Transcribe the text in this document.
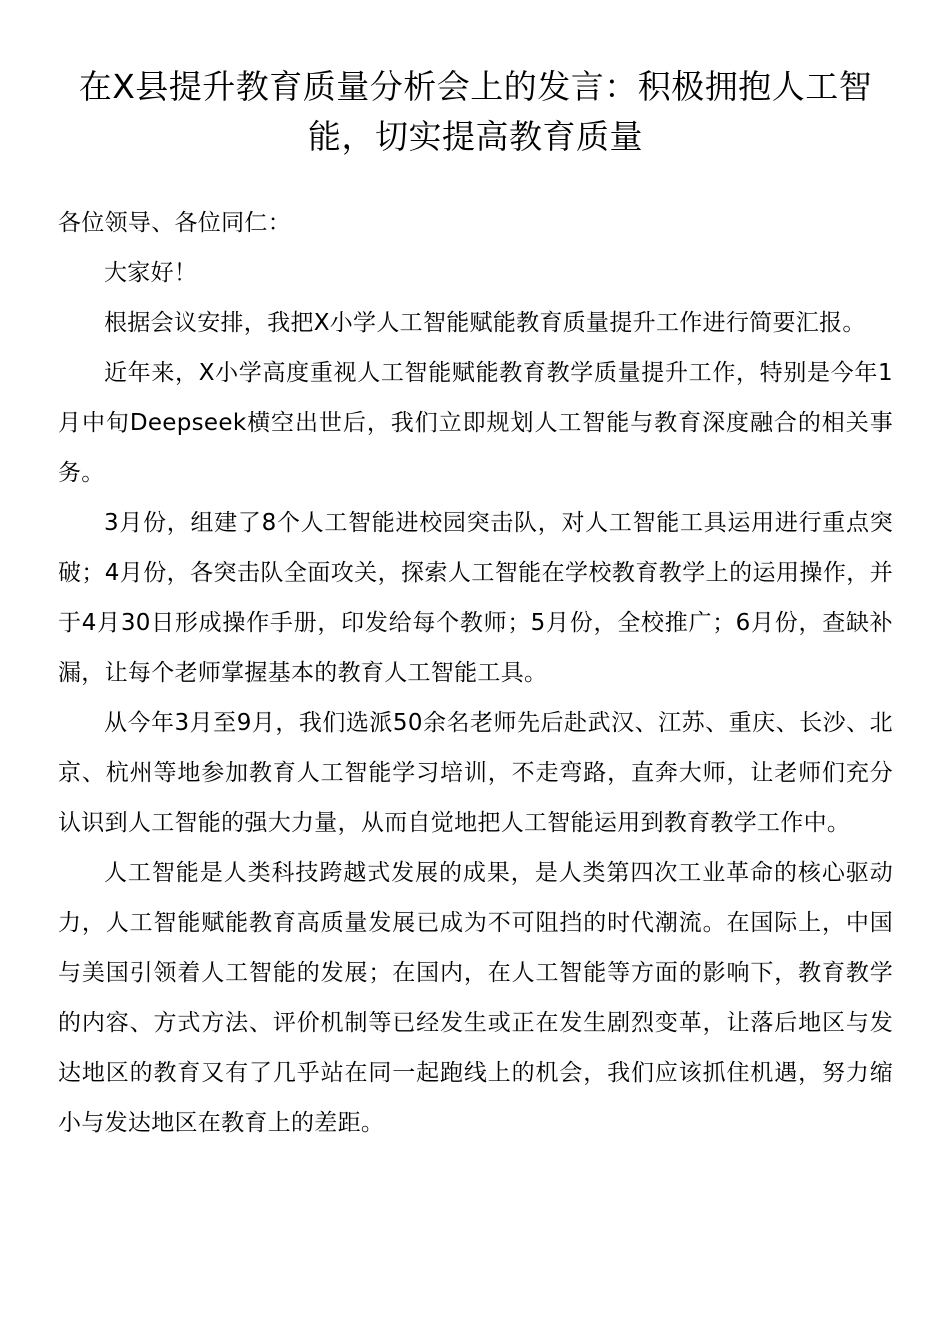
在X县提升教育质量分析会上的发言：积极拥抱人工智能，切实提高教育质量

各位领导、各位同仁：

大家好！

根据会议安排，我把X小学人工智能赋能教育质量提升工作进行简要汇报。

近年来，X小学高度重视人工智能赋能教育教学质量提升工作，特别是今年1月中旬Deepseek横空出世后，我们立即规划人工智能与教育深度融合的相关事务。

3月份，组建了8个人工智能进校园突击队，对人工智能工具运用进行重点突破；4月份，各突击队全面攻关，探索人工智能在学校教育教学上的运用操作，并于4月30日形成操作手册，印发给每个教师；5月份，全校推广；6月份，查缺补漏，让每个老师掌握基本的教育人工智能工具。

从今年3月至9月，我们选派50余名老师先后赴武汉、江苏、重庆、长沙、北京、杭州等地参加教育人工智能学习培训，不走弯路，直奔大师，让老师们充分认识到人工智能的强大力量，从而自觉地把人工智能运用到教育教学工作中。

人工智能是人类科技跨越式发展的成果，是人类第四次工业革命的核心驱动力，人工智能赋能教育高质量发展已成为不可阻挡的时代潮流。在国际上，中国与美国引领着人工智能的发展；在国内，在人工智能等方面的影响下，教育教学的内容、方式方法、评价机制等已经发生或正在发生剧烈变革，让落后地区与发达地区的教育又有了几乎站在同一起跑线上的机会，我们应该抓住机遇，努力缩小与发达地区在教育上的差距。
